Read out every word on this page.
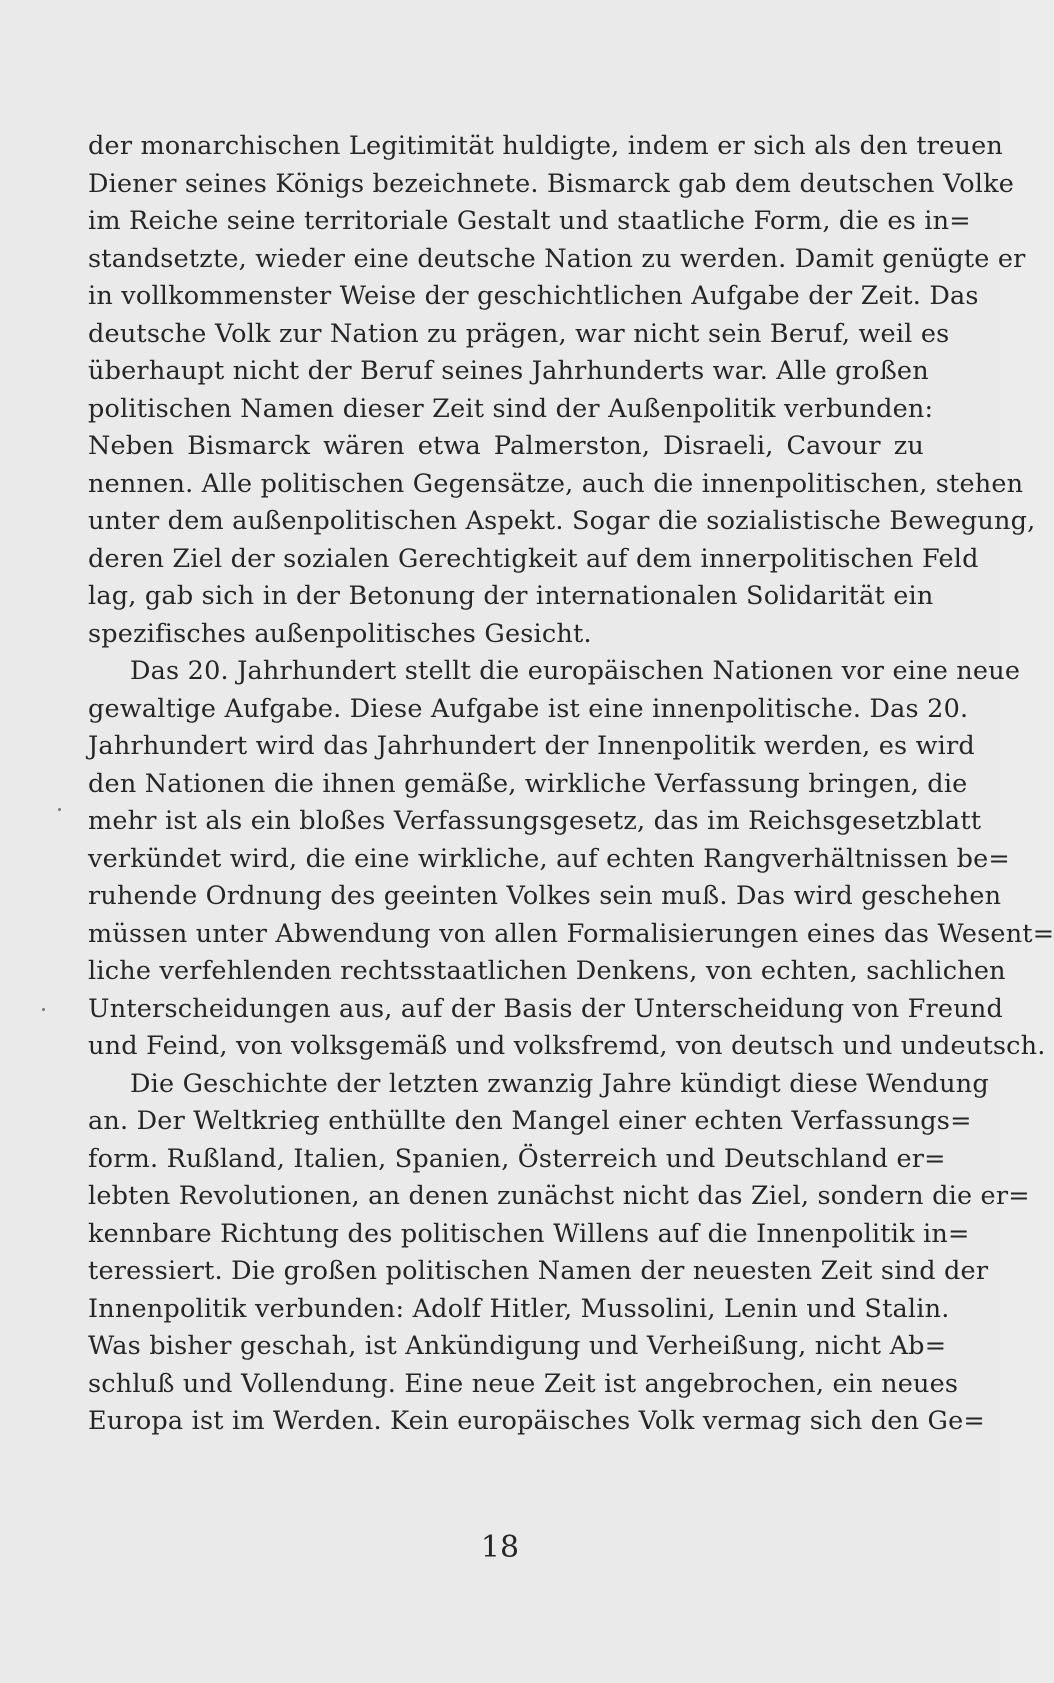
der monarchischen Legitimität huldigte, indem er sich als den treuen
Diener seines Königs bezeichnete. Bismarck gab dem deutschen Volke
im Reiche seine territoriale Gestalt und staatliche Form, die es in=
standsetzte, wieder eine deutsche Nation zu werden. Damit genügte er
in vollkommenster Weise der geschichtlichen Aufgabe der Zeit. Das
deutsche Volk zur Nation zu prägen, war nicht sein Beruf, weil es
überhaupt nicht der Beruf seines Jahrhunderts war. Alle großen
politischen Namen dieser Zeit sind der Außenpolitik verbunden:
Neben Bismarck wären etwa Palmerston, Disraeli, Cavour zu
nennen. Alle politischen Gegensätze, auch die innenpolitischen, stehen
unter dem außenpolitischen Aspekt. Sogar die sozialistische Bewegung,
deren Ziel der sozialen Gerechtigkeit auf dem innerpolitischen Feld
lag, gab sich in der Betonung der internationalen Solidarität ein
spezifisches außenpolitisches Gesicht.
Das 20. Jahrhundert stellt die europäischen Nationen vor eine neue
gewaltige Aufgabe. Diese Aufgabe ist eine innenpolitische. Das 20.
Jahrhundert wird das Jahrhundert der Innenpolitik werden, es wird
den Nationen die ihnen gemäße, wirkliche Verfassung bringen, die
mehr ist als ein bloßes Verfassungsgesetz, das im Reichsgesetzblatt
verkündet wird, die eine wirkliche, auf echten Rangverhältnissen be=
ruhende Ordnung des geeinten Volkes sein muß. Das wird geschehen
müssen unter Abwendung von allen Formalisierungen eines das Wesent=
liche verfehlenden rechtsstaatlichen Denkens, von echten, sachlichen
Unterscheidungen aus, auf der Basis der Unterscheidung von Freund
und Feind, von volksgemäß und volksfremd, von deutsch und undeutsch.
Die Geschichte der letzten zwanzig Jahre kündigt diese Wendung
an. Der Weltkrieg enthüllte den Mangel einer echten Verfassungs=
form. Rußland, Italien, Spanien, Österreich und Deutschland er=
lebten Revolutionen, an denen zunächst nicht das Ziel, sondern die er=
kennbare Richtung des politischen Willens auf die Innenpolitik in=
teressiert. Die großen politischen Namen der neuesten Zeit sind der
Innenpolitik verbunden: Adolf Hitler, Mussolini, Lenin und Stalin.
Was bisher geschah, ist Ankündigung und Verheißung, nicht Ab=
schluß und Vollendung. Eine neue Zeit ist angebrochen, ein neues
Europa ist im Werden. Kein europäisches Volk vermag sich den Ge=
18
